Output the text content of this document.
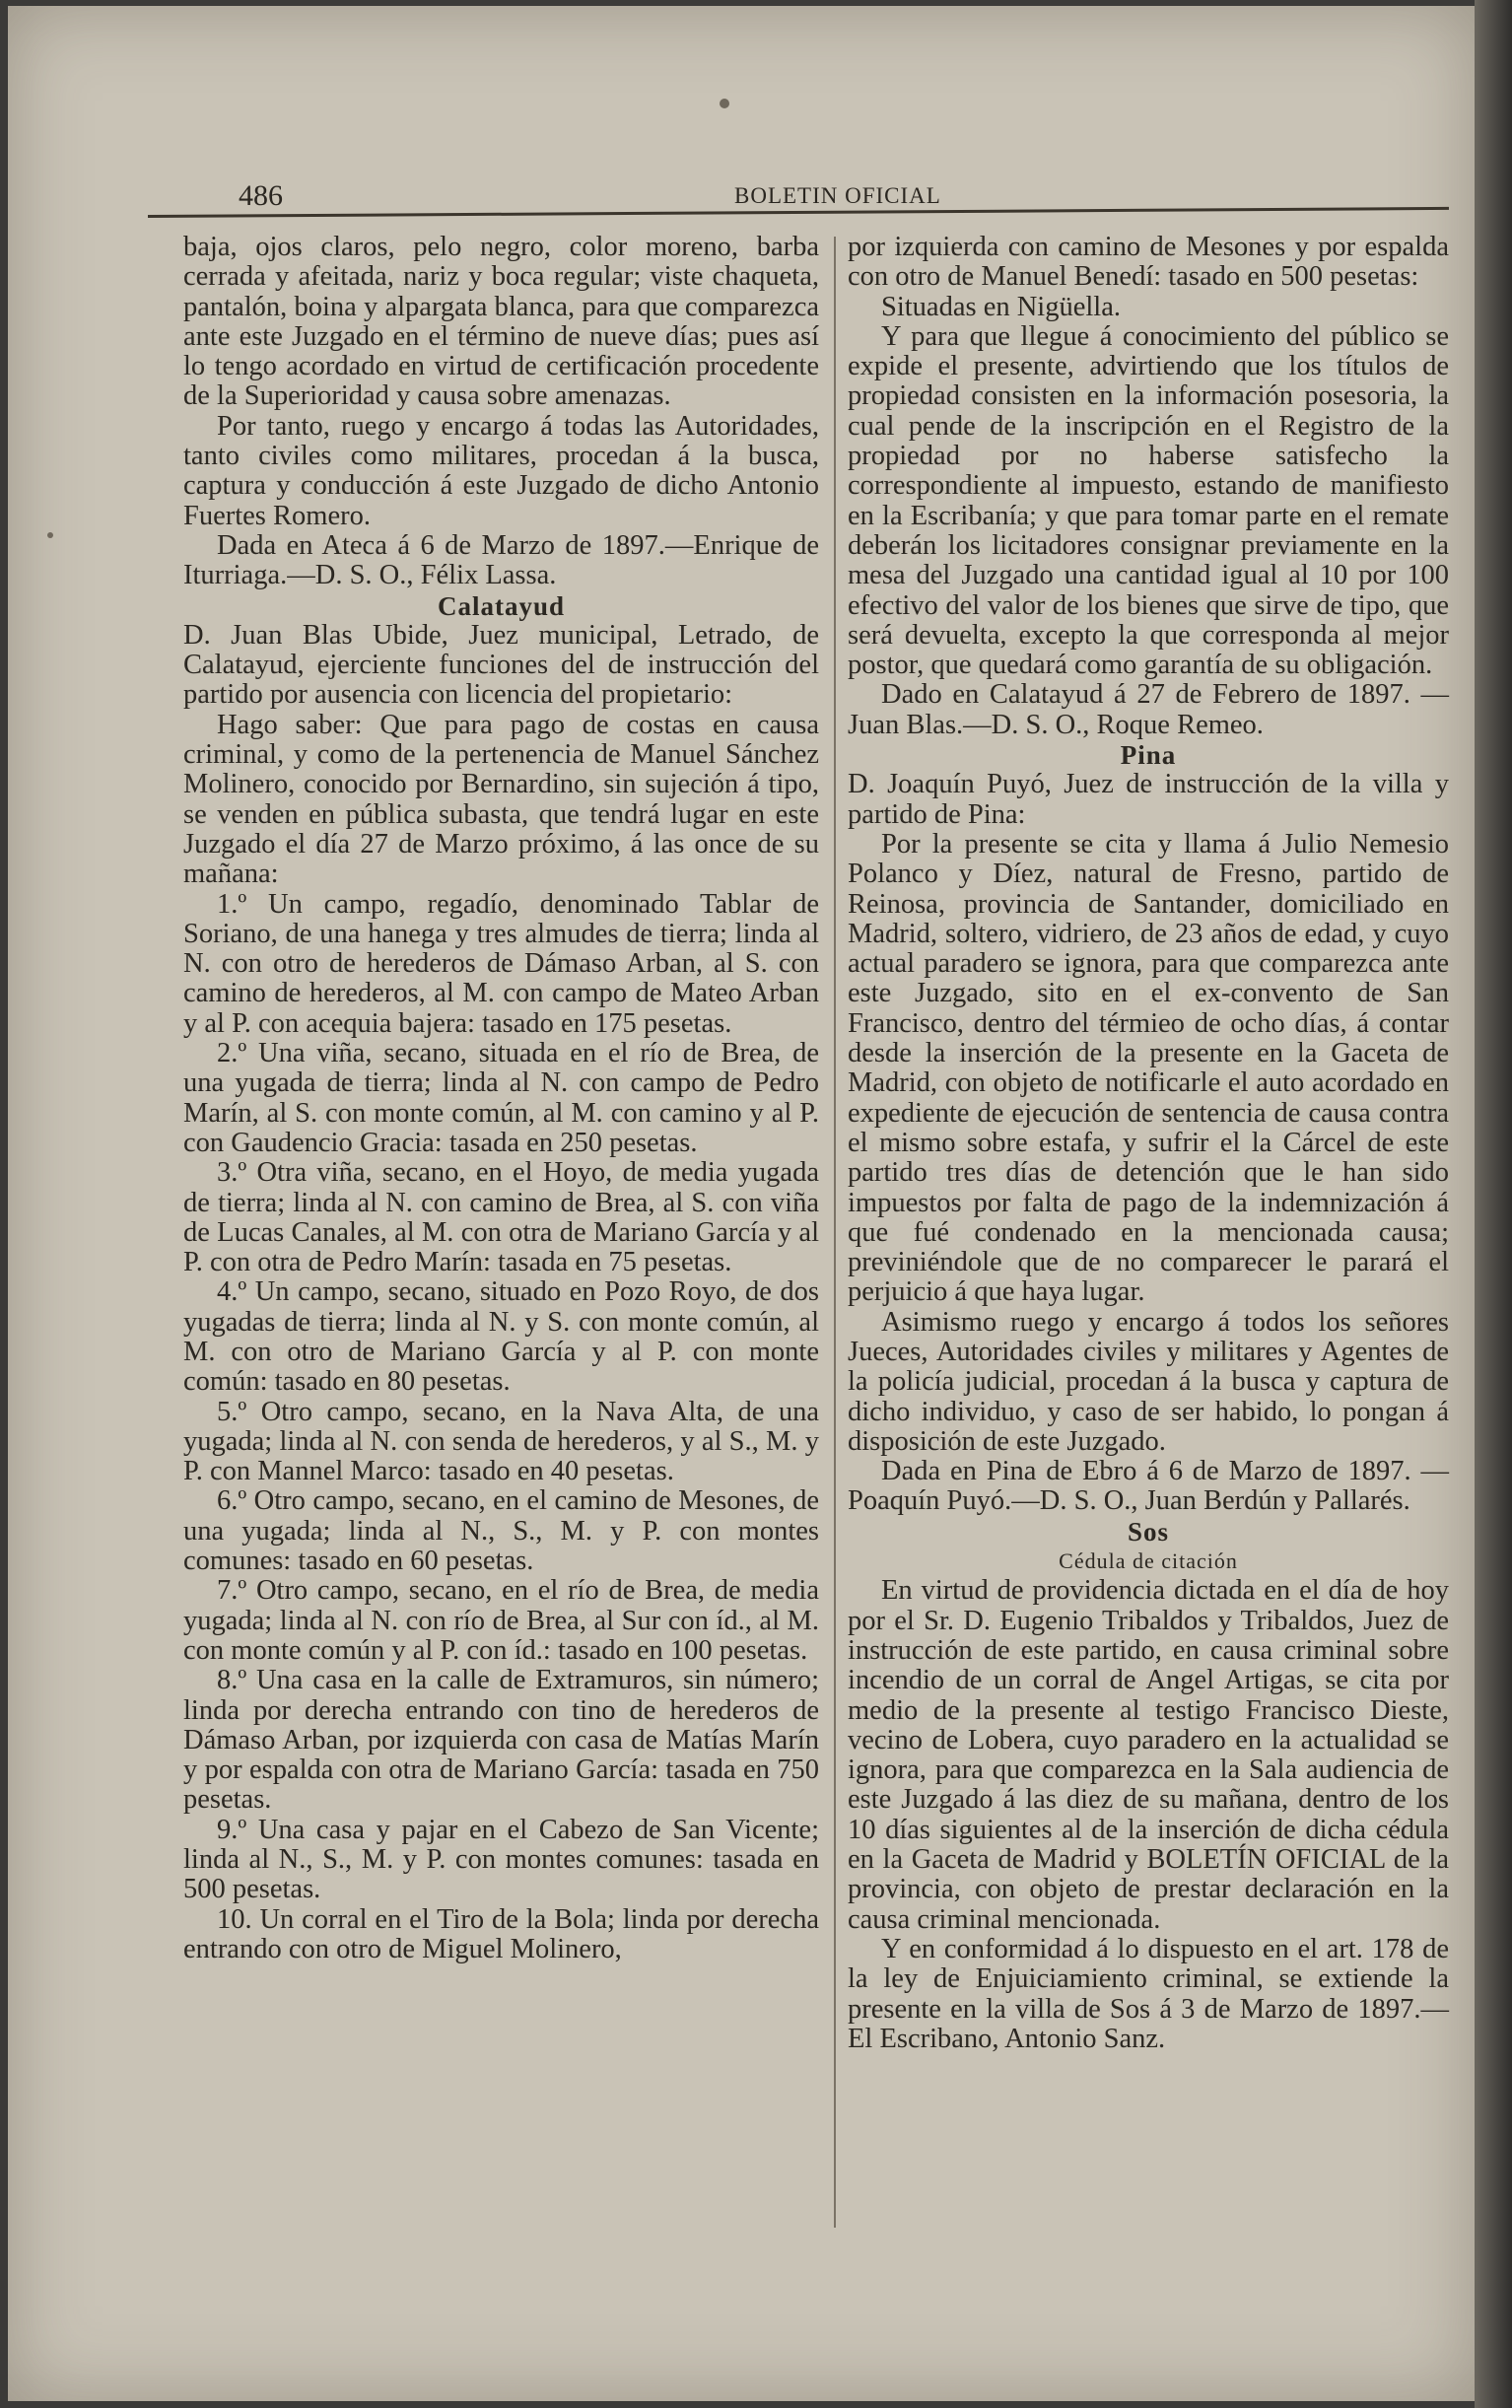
486	BOLETIN OFICIAL

baja, ojos claros, pelo negro, color moreno, barba cerrada y afeitada, nariz y boca regular; viste chaqueta, pantalón, boina y alpargata blanca, para que comparezca ante este Juzgado en el término de nueve días; pues así lo tengo acordado en virtud de certificación procedente de la Superioridad y causa sobre amenazas.

Por tanto, ruego y encargo á todas las Autoridades, tanto civiles como militares, procedan á la busca, captura y conducción á este Juzgado de dicho Antonio Fuertes Romero.

Dada en Ateca á 6 de Marzo de 1897.—Enrique de Iturriaga.—D. S. O., Félix Lassa.

Calatayud

D. Juan Blas Ubide, Juez municipal, Letrado, de Calatayud, ejerciente funciones del de instrucción del partido por ausencia con licencia del propietario:

Hago saber: Que para pago de costas en causa criminal, y como de la pertenencia de Manuel Sánchez Molinero, conocido por Bernardino, sin sujeción á tipo, se venden en pública subasta, que tendrá lugar en este Juzgado el día 27 de Marzo próximo, á las once de su mañana:

1.º Un campo, regadío, denominado Tablar de Soriano, de una hanega y tres almudes de tierra; linda al N. con otro de herederos de Dámaso Arban, al S. con camino de herederos, al M. con campo de Mateo Arban y al P. con acequia bajera: tasado en 175 pesetas.

2.º Una viña, secano, situada en el río de Brea, de una yugada de tierra; linda al N. con campo de Pedro Marín, al S. con monte común, al M. con camino y al P. con Gaudencio Gracia: tasada en 250 pesetas.

3.º Otra viña, secano, en el Hoyo, de media yugada de tierra; linda al N. con camino de Brea, al S. con viña de Lucas Canales, al M. con otra de Mariano García y al P. con otra de Pedro Marín: tasada en 75 pesetas.

4.º Un campo, secano, situado en Pozo Royo, de dos yugadas de tierra; linda al N. y S. con monte común, al M. con otro de Mariano García y al P. con monte común: tasado en 80 pesetas.

5.º Otro campo, secano, en la Nava Alta, de una yugada; linda al N. con senda de herederos, y al S., M. y P. con Mannel Marco: tasado en 40 pesetas.

6.º Otro campo, secano, en el camino de Mesones, de una yugada; linda al N., S., M. y P. con montes comunes: tasado en 60 pesetas.

7.º Otro campo, secano, en el río de Brea, de media yugada; linda al N. con río de Brea, al Sur con íd., al M. con monte común y al P. con íd.: tasado en 100 pesetas.

8.º Una casa en la calle de Extramuros, sin número; linda por derecha entrando con tino de herederos de Dámaso Arban, por izquierda con casa de Matías Marín y por espalda con otra de Mariano García: tasada en 750 pesetas.

9.º Una casa y pajar en el Cabezo de San Vicente; linda al N., S., M. y P. con montes comunes: tasada en 500 pesetas.

10. Un corral en el Tiro de la Bola; linda por derecha entrando con otro de Miguel Molinero,

por izquierda con camino de Mesones y por espalda con otro de Manuel Benedí: tasado en 500 pesetas:

Situadas en Nigüella.

Y para que llegue á conocimiento del público se expide el presente, advirtiendo que los títulos de propiedad consisten en la información posesoria, la cual pende de la inscripción en el Registro de la propiedad por no haberse satisfecho la correspondiente al impuesto, estando de manifiesto en la Escribanía; y que para tomar parte en el remate deberán los licitadores consignar previamente en la mesa del Juzgado una cantidad igual al 10 por 100 efectivo del valor de los bienes que sirve de tipo, que será devuelta, excepto la que corresponda al mejor postor, que quedará como garantía de su obligación.

Dado en Calatayud á 27 de Febrero de 1897. —Juan Blas.—D. S. O., Roque Remeo.

Pina

D. Joaquín Puyó, Juez de instrucción de la villa y partido de Pina:

Por la presente se cita y llama á Julio Nemesio Polanco y Díez, natural de Fresno, partido de Reinosa, provincia de Santander, domiciliado en Madrid, soltero, vidriero, de 23 años de edad, y cuyo actual paradero se ignora, para que comparezca ante este Juzgado, sito en el ex-convento de San Francisco, dentro del térmieo de ocho días, á contar desde la inserción de la presente en la Gaceta de Madrid, con objeto de notificarle el auto acordado en expediente de ejecución de sentencia de causa contra el mismo sobre estafa, y sufrir el la Cárcel de este partido tres días de detención que le han sido impuestos por falta de pago de la indemnización á que fué condenado en la mencionada causa; previniéndole que de no comparecer le parará el perjuicio á que haya lugar.

Asimismo ruego y encargo á todos los señores Jueces, Autoridades civiles y militares y Agentes de la policía judicial, procedan á la busca y captura de dicho individuo, y caso de ser habido, lo pongan á disposición de este Juzgado.

Dada en Pina de Ebro á 6 de Marzo de 1897. —Poaquín Puyó.—D. S. O., Juan Berdún y Pallarés.

Sos

Cédula de citación

En virtud de providencia dictada en el día de hoy por el Sr. D. Eugenio Tribaldos y Tribaldos, Juez de instrucción de este partido, en causa criminal sobre incendio de un corral de Angel Artigas, se cita por medio de la presente al testigo Francisco Dieste, vecino de Lobera, cuyo paradero en la actualidad se ignora, para que comparezca en la Sala audiencia de este Juzgado á las diez de su mañana, dentro de los 10 días siguientes al de la inserción de dicha cédula en la Gaceta de Madrid y BOLETÍN OFICIAL de la provincia, con objeto de prestar declaración en la causa criminal mencionada.

Y en conformidad á lo dispuesto en el art. 178 de la ley de Enjuiciamiento criminal, se extiende la presente en la villa de Sos á 3 de Marzo de 1897.—El Escribano, Antonio Sanz.
